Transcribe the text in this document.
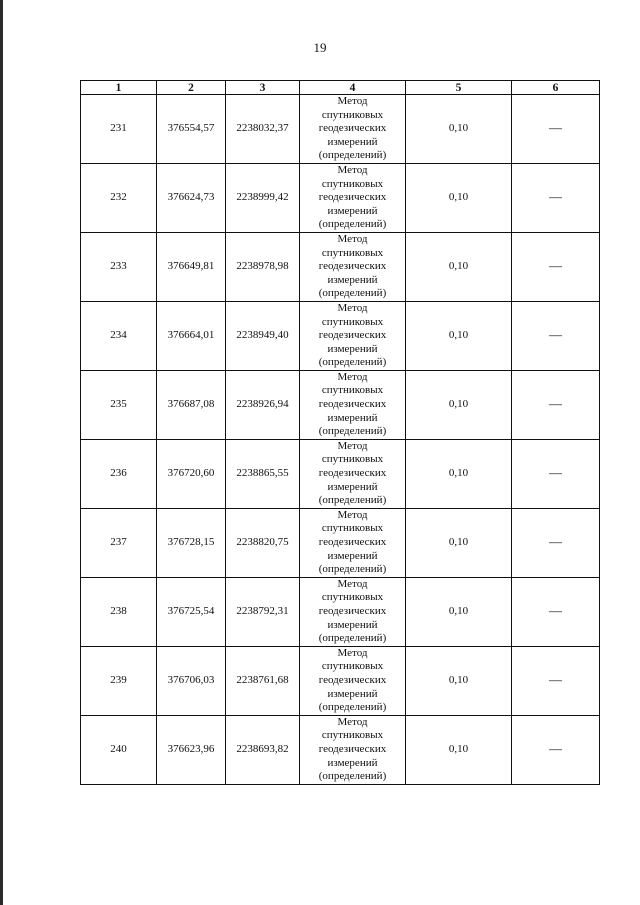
19
1	2	3	4	5	6
231	376554,57	2238032,37	Метод спутниковых геодезических измерений (определений)	0,10	—
232	376624,73	2238999,42	Метод спутниковых геодезических измерений (определений)	0,10	—
233	376649,81	2238978,98	Метод спутниковых геодезических измерений (определений)	0,10	—
234	376664,01	2238949,40	Метод спутниковых геодезических измерений (определений)	0,10	—
235	376687,08	2238926,94	Метод спутниковых геодезических измерений (определений)	0,10	—
236	376720,60	2238865,55	Метод спутниковых геодезических измерений (определений)	0,10	—
237	376728,15	2238820,75	Метод спутниковых геодезических измерений (определений)	0,10	—
238	376725,54	2238792,31	Метод спутниковых геодезических измерений (определений)	0,10	—
239	376706,03	2238761,68	Метод спутниковых геодезических измерений (определений)	0,10	—
240	376623,96	2238693,82	Метод спутниковых геодезических измерений (определений)	0,10	—
